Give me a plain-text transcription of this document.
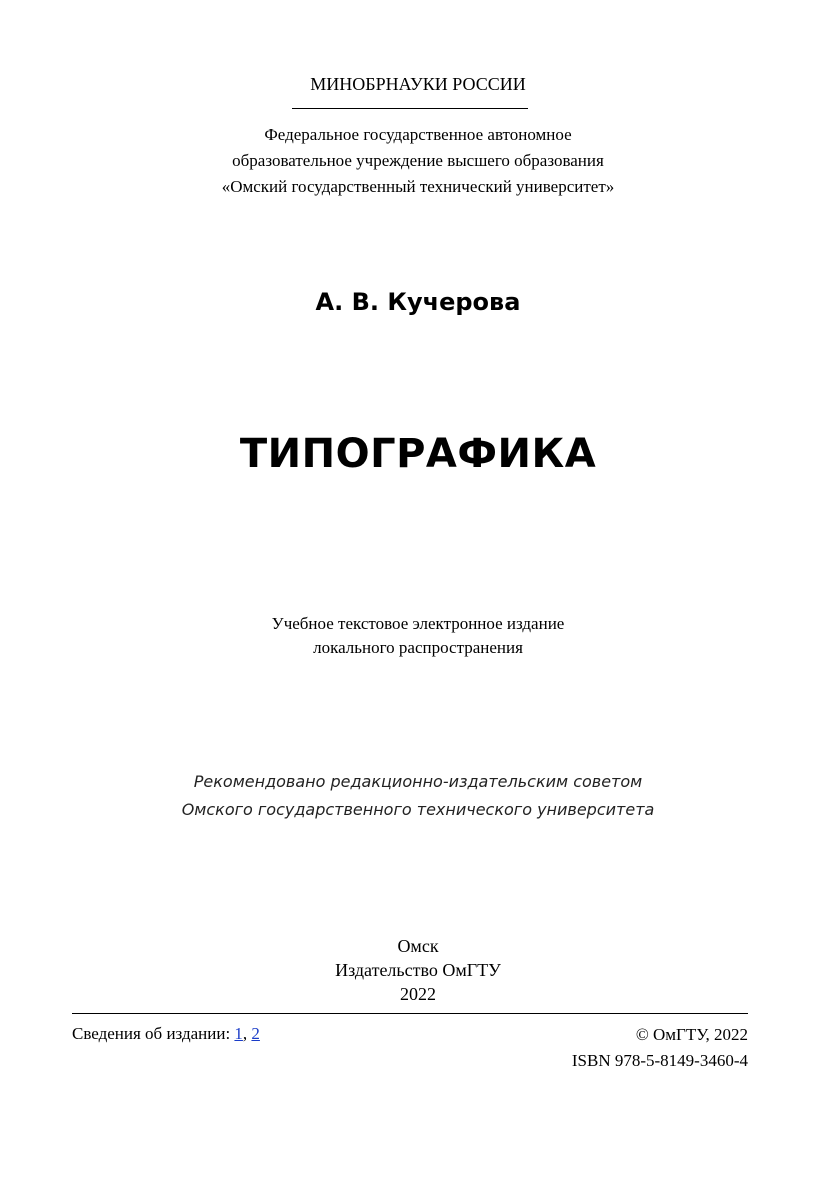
МИНОБРНАУКИ РОССИИ
Федеральное государственное автономное
образовательное учреждение высшего образования
«Омский государственный технический университет»
А. В. Кучерова
ТИПОГРАФИКА
Учебное текстовое электронное издание
локального распространения
Рекомендовано редакционно-издательским советом
Омского государственного технического университета
Омск
Издательство ОмГТУ
2022
Сведения об издании: 1, 2	© ОмГТУ, 2022
ISBN 978-5-8149-3460-4
